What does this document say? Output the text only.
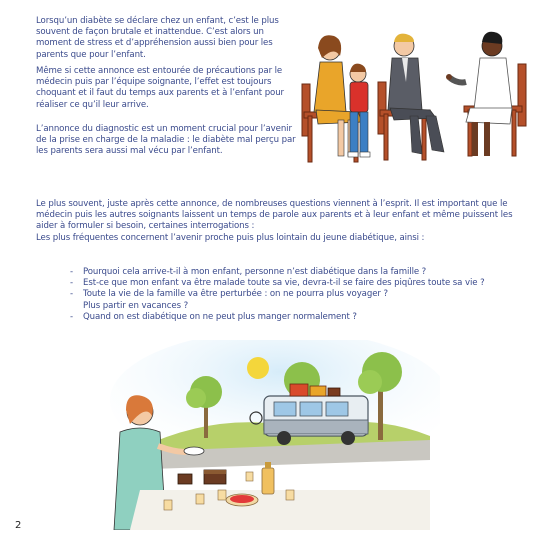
Lorsqu’un diabète se déclare chez un enfant, c’est le plus souvent de façon brutale et inattendue. C’est alors un moment de stress et d’appréhension aussi bien pour les parents que pour l’enfant.

Même si cette annonce est entourée de précautions par le médecin puis par l’équipe soignante, l’effet est toujours choquant et il faut du temps aux parents et à l’enfant pour réaliser ce qu’il leur arrive.

L’annonce du diagnostic est un moment crucial pour l’avenir de la prise en charge de la maladie : le diabète mal perçu par les parents sera aussi mal vécu par l’enfant.

Le plus souvent, juste après cette annonce, de nombreuses questions viennent à l’esprit. Il est important que le médecin puis les autres soignants laissent un temps de parole aux parents et à leur enfant et même puissent les aider à formuler si besoin, certaines interrogations :
Les plus fréquentes concernent l’avenir proche puis plus lointain du jeune diabétique, ainsi :

-	Pourquoi cela arrive-t-il à mon enfant, personne n’est diabétique dans la famille ?
-	Est-ce que mon enfant va être malade toute sa vie, devra-t-il se faire des piqûres toute sa vie ?
-	Toute la vie de la famille va être perturbée : on ne pourra plus voyager ?
Plus partir en vacances ?
-	Quand on est diabétique on ne peut plus manger normalement ?
2
